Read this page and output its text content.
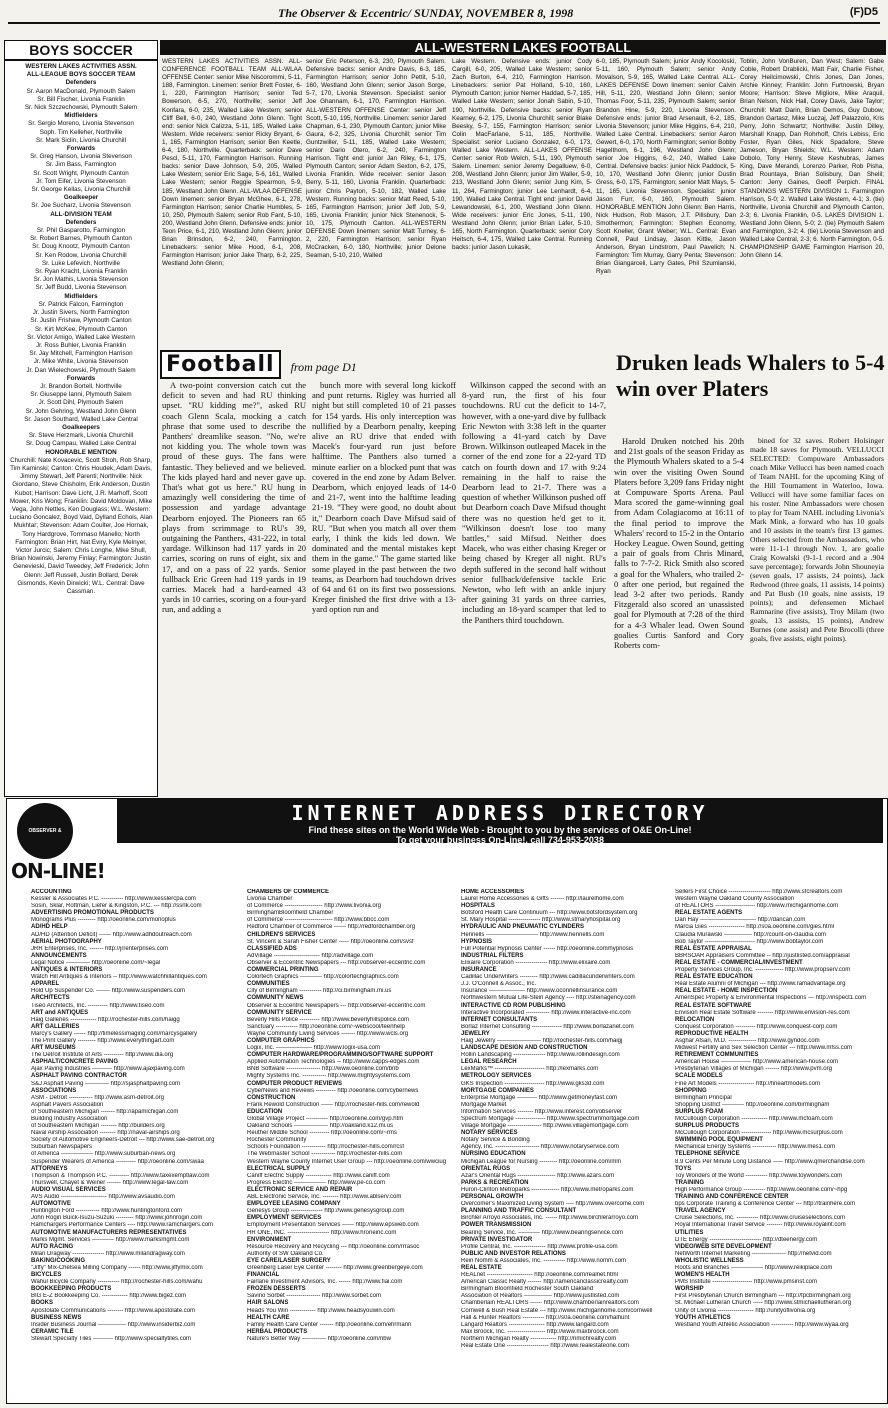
The Observer & Eccentric/ SUNDAY, NOVEMBER 8, 1998	(F)D5
BOYS SOCCER
WESTERN LAKES ACTIVITIES ASSN.
ALL-LEAGUE BOYS SOCCER TEAM
Defenders
Sr. Aaron MacDonald, Plymouth Salem
Sr. Bill Fischer, Livonia Franklin
Sr. Nick Szczechowski, Plymouth Salem
Midfielders
Sr. Sergio Moreno, Livonia Stevenson
Soph. Tim Kelleher, Northville
Sr. Mark Siclin, Livonia Churchill
Forwards
Sr. Greg Hanson, Livonia Stevenson
Sr. Jim Bass, Farmington
Sr. Scott Wright, Plymouth Canton
Jr. Tom Eifer, Livonia Stevenson
Sr. George Kellas, Livonia Churchill
Goalkeeper
Sr. Joe Sucharz, Livonia Stevenson
ALL-DIVISION TEAM
Defenders
Sr. Phil Gasparotto, Farmington
Sr. Robert Barnes, Plymouth Canton
Sr. Doug Knootz, Plymouth Canton
Sr. Ken Rodow, Livonia Churchill
Sr. Luke Lefevich, Northville
Sr. Ryan Kracht, Livonia Franklin
Sr. Jon Mathis, Livonia Stevenson
Sr. Jeff Budd, Livonia Stevenson
Midfielders
Sr. Patrick Falcon, Farmington
Jr. Justin Sivers, North Farmington
Sr. Justin Frishaw, Plymouth Canton
Sr. Kirt McKee, Plymouth Canton
Sr. Victor Amigo, Walled Lake Western
Jr. Ross Buhler, Livonia Franklin
Sr. Jay Mitchell, Farmington Harrison
Jr. Mike White, Livonia Stevenson
Jr. Dan Wielechowski, Plymouth Salem
Forwards
Jr. Brandon Bortell, Northville
Sr. Giuseppe Ianni, Plymouth Salem
Jr. Scott Dihl, Plymouth Salem
Sr. John Gehring, Westland John Glenn
Sr. Jason Southard, Walled Lake Central
Goalkeepers
Sr. Steve Herzmark, Livonia Churchill
Sr. Doug Campau, Walled Lake Central
HONORABLE MENTION
Churchill: Nate Kovacevic, Scott Stroh, Rob Sharp, Tim Kaminski; Canton: Chris Houdek, Adam Davis, Jimmy Stewart, Jeff Parenti; Northville: Nick Giordano, Steve Chisholm, Erik Anderson, Dustin Kubot; Harrison: Dave Licht, J.R. Marhoff, Scott Mower, Kris Wong; Franklin: David Moldovan, Mike Vega, John Nettles, Ken Douglass; W.L. Western: Luciano Goncalez, Boyd Vaid, Dylland Echols, Alan Mukhtar; Stevenson: Adam Coulter, Joe Hornak, Tony Hardgrove, Tommaso Manello; North Farmington: Brian Hirt, Nat Eviry, Kyle Melnyer, Victor Jurcic; Salem: Chris Longhe, Mike Shull, Brian Nowinski, Jeremy Finlay; Farmington: Justin Genevieski, David Tweedey, Jeff Frederick; John Glenn: Jeff Russell, Justin Bollard, Derek Gismonds, Kevin Dirwicki; W.L. Central: Dave Cassman.
ALL-WESTERN LAKES FOOTBALL
WESTERN LAKES ACTIVITIES ASSN. ALL-CONFERENCE FOOTBALL TEAM ALL-WLAA OFFENSE Center: senior Mike Niscorommi, 5-11, 188, Farmington. Linemen: senior Brett Foster, 6-1, 220, Farmington Harrison; senior Ted Bowerson, 6-5, 270, Northville; senior Jeff Konfara, 6-0, 235, Walled Lake Western; senior Cliff Bell, 6-0, 240, Westland John Glenn. Tight end: senior Nick Calizza, 5-11, 185, Walled Lake Western. Wide receivers: senior Ricky Bryant, 6-1, 165, Farmington Harrison; senior Ben Keetle, 6-4, 180, Northville. Quarterback: senior Dave Pescl, 5-11, 170, Farmington Harrison. Running backs: senior Dave Johnson, 5-9, 205, Walled Lake Western; senior Eric Sage, 5-6, 161, Walled Lake Western; senior Reggie Spearmon, 5-9, 185, Westland John Glenn. ALL-WLAA DEFENSE Down linemen: senior Bryan McGhee, 6-1, 278, Farmington Harrison; senior Charlie Humbles, 5-10, 250, Plymouth Salem; senior Rob Fant, 5-10, 200, Westland John Glenn. Defensive ends: junior Teon Price, 6-1, 210, Westland John Glenn; junior Brian Brinsdon, 6-2, 240, Farmington. Linebackers: senior Mike Hood, 6-1, 208, Farmington Harrison; junior Jake Tharp, 6-2, 225, Westland John Glenn;
senior Eric Peterson, 6-3, 230, Plymouth Salem. Defensive backs: senior Andre Davis, 6-3, 185, Farmington Harrison; senior John Pettit, 5-10, 160, Westland John Glenn; senior Jason Sorge, 5-7, 170, Livonia Stevenson. Specialist: senior Joe Ghannam, 6-1, 170, Farmington Harrison. ALL-WESTERN OFFENSE Center: senior Jeff Scott, 5-10, 195, Northville. Linemen: senior Jared Chapman, 6-1, 230, Plymouth Canton; junior Mike Gaura, 6-2, 325, Livonia Churchill; senior Tim Guntzwiller, 5-11, 185, Walled Lake Western; senior Dario Otero, 6-2, 240, Farmington Harrison. Tight end: junior Jan Riley, 6-1, 175, Plymouth Canton; senior Adam Sexton, 6-2, 175, Livonia Franklin. Wide receiver: senior Jason Berry, 5-11, 160, Livonia Franklin. Quarterback: junior Chris Payton, 5-10, 182, Walled Lake Western. Running backs: senior Matt Reed, 5-10, 165, Farmington Harrison; junior Jeff Job, 5-9, 165, Livonia Franklin; junior Nick Stenenock, 5-10, 175, Plymouth Canton. ALL-WESTERN DEFENSE Down linemen: senior Matt Turney, 6-2, 220, Farmington Harrison; senior Ryan McCracken, 6-0, 180, Northville; junior Delone Seaman, 5-10, 210, Walled
Lake Western. Defensive ends: junior Cody Cargill, 6-0, 205, Walled Lake Western; senior Zach Burton, 6-4, 210, Farmington Harrison. Linebackers: senior Pat Holland, 5-10, 160, Plymouth Canton; junior Nemer Haddad, 5-7, 185, Walled Lake Western; senior Jonah Sabin, 5-10, 190, Northville. Defensive backs: senior Ryan Kearney, 6-2, 175, Livonia Churchill; senior Blake Beesky, 5-7, 155, Farmington Harrison; senior Colin MacFarlane, 5-11, 185, Northville. Specialist: senior Luciano Gonzalez, 6-0, 173, Walled Lake Western. ALL-LAKES OFFENSE Center: senior Rob Welch, 5-11, 190, Plymouth Salem. Linemen: senior Jeremy Degalluew, 6-0, 208, Westland John Glenn; junior Jim Waller, 5-9, 213, Westland John Glenn; senior Jung Kim, 5-11, 264, Farmington; junior Lee Lenhardt, 6-4, 190, Walled Lake Central. Tight end: junior David Lewandowski, 6-1, 200, Westland John Glenn. Wide receivers: junior Eric Jones, 5-11, 190, Westland John Glenn; junior Brian Lafer, 5-10, 165, North Farmington. Quarterback: senior Cory Heitsch, 6-4, 175, Walled Lake Central. Running backs: junior Jason Lukasik,
6-0, 185, Plymouth Salem; junior Andy Kocoloski, 5-11, 160, Plymouth Salem; senior Andy Movalson, 5-9, 165, Walled Lake Central. ALL-LAKES DEFENSE Down linemen: senior Calvin Hill, 5-11, 220, Westland John Glenn; senior Thomas Foor, 5-11, 235, Plymouth Salem; senior Brandon Hine, 5-9, 220, Livonia Stevenson. Defensive ends: junior Brad Arsenault, 6-2, 185, Livonia Stevenson; junior Mike Higgins, 6-4, 210, Walled Lake Central. Linebackers: senior Aaron Gewert, 6-0, 170, North Farmington; senior Bobby Hagelthorn, 6-1, 196, Westland John Glenn; senior Joe Higgins, 6-2, 240, Walled Lake Central. Defensive backs: junior Nick Paddock, 5-10, 170, Westland John Glenn; junior Dustin Gress, 6-0, 175, Farmington; senior Matt Mays, 5-11, 165, Livonia Stevenson. Specialist: junior Jason Furr, 6-0, 160, Plymouth Salem. HONORABLE MENTION John Glenn: Ben Harris, Nick Hudson, Rob Mason, J.T. Pillsbury, Dan Smothermon; Farmington: Stephen Economy, Scott Kneller, Grant Weber; W.L. Central: Evan Connell, Paul Lindsay, Jason Kittle, Jason Anderson, Bryan Lindstrom, Paul Pavelich; N. Farmington: Tim Murray, Garry Penta; Stevenson: Brian Giangarceli, Larry Gates, Phil Szumlanski, Ryan
Toblin, John VonBuren, Dan West; Salem: Gabe Coble, Robert Drablicki, Matt Fair, Charlie Fisher, Corey Heilcimowski, Chris Jones, Dan Jones, Archie Kinney; Franklin: John Furtnowski, Bryan Moore; Harrison: Steve Migliore, Mike Araquil, Brian Nelson, Nick Hall, Corey Davis, Jake Taylor; Churchill: Matt Darin, Brian Demos, Guy Dubow, Brandon Gartasz, Mike Luczaj, Jeff Palazzolo, Kris Perry, John Schwartz; Northville: Justin Dilley, Marshall Knapp, Dan Rohrhoff, Chris Lebiss, Eric Foster, Ryan Giles, Nick Spadafore, Steve Jameson, Bryan Shields; W.L. Western: Adam Dobolo, Tony Henry, Steve Keshubras, James King, Dave Merandi, Lorenzo Parker, Rob Pisha, Brad Rountaya, Brian Solisbury, Dan Shelil; Canton: Jerry Gaines, Geoff Perpich. FINAL STANDINGS WESTERN DIVISION 1. Farmington Harrison, 5-0; 2. Walled Lake Western, 4-1; 3. (tie) Northville, Livonia Churchill and Plymouth Canton, 2-3; 6. Livonia Franklin, 0-5. LAKES DIVISION 1. Westland John Glenn, 5-0; 2. (tie) Plymouth Salem and Farmington, 3-2; 4. (tie) Livonia Stevenson and Walled Lake Central, 2-3; 6. North Farmington, 0-5. CHAMPIONSHIP GAME Farmington Harrison 20, John Glenn 14.
Football from page D1
A two-point conversion catch cut the deficit to seven and had RU thinking upset. "RU kidding me?", asked RU coach Glenn Scala, mocking a catch phrase that some used to describe the Panthers' dreamlike season. "No, we're not kidding you. The whole town was proud of these guys. The fans were fantastic. They believed and we believed. The kids played hard and never gave up. That's what got us here." RU hung in amazingly well considering the time of possession and yardage advantage Dearborn enjoyed. The Pioneers ran 65 plays from scrimmage to RU's 39, outgaining the Panthers, 431-222, in total yardage. Wilkinson had 117 yards in 20 carries, scoring on runs of eight, six and 17, and on a pass of 22 yards. Senior fullback Eric Green had 119 yards in 19 carries. Macek had a hard-earned 43 yards in 10 carries, scoring on a four-yard run, and adding a
bunch more with several long kickoff and punt returns. Rigley was hurried all night but still completed 10 of 21 passes for 154 yards. His only interception was nullified by a Dearborn penalty, keeping alive an RU drive that ended with Macek's four-yard run just before halftime. The Panthers also turned a minute earlier on a blocked punt that was covered in the end zone by Adam Belver. Dearborn, which enjoyed leads of 14-0 and 21-7, went into the halftime leading 21-19. "They were good, no doubt about it," Dearborn coach Dave Mifsud said of RU. "But when you match all over them early, I think the kids led down. We dominated and the mental mistakes kept them in the game." The game started like some played in the past between the two teams, as Dearborn had touchdown drives of 64 and 61 on its first two possessions. Kreger finished the first drive with a 13-yard option run and
Wilkinson capped the second with an 8-yard run, the first of his four touchdowns. RU cut the deficit to 14-7, however, with a one-yard dive by fullback Eric Newton with 3:38 left in the quarter following a 41-yard catch by Dave Brown. Wilkinson outleaped Macek in the corner of the end zone for a 22-yard TD catch on fourth down and 17 with 9:24 remaining in the half to raise the Dearborn lead to 21-7. There was a question of whether Wilkinson pushed off but Dearborn coach Dave Mifsud thought there was no question he'd get to it. "Wilkinson doesn't lose too many battles," said Mifsud. Neither does Macek, who was either chasing Kreger or being chased by Kreger all night. RU's depth suffered in the second half without senior fullback/defensive tackle Eric Newton, who left with an ankle injury after gaining 31 yards on three carries, including an 18-yard scamper that led to the Panthers third touchdown.
Druken leads Whalers to 5-4 win over Platers
Harold Druken notched his 20th and 21st goals of the season Friday as the Plymouth Whalers skated to a 5-4 win over the visiting Owen Sound Platers before 3,209 fans Friday night at Compuware Sports Arena. Paul Mara scored the game-winning goal from Adam Colagiacomo at 16:11 of the final period to improve the Whalers' record to 15-2 in the Ontario Hockey League. Owen Sound, getting a pair of goals from Chris Minard, falls to 7-7-2. Rick Smith also scored a goal for the Whalers, who trailed 2-0 after one period, but regained the lead 3-2 after two periods. Randy Fitzgerald also scored an unassisted goal for Plymouth at 7:28 of the third for a 4-3 Whaler lead. Owen Sound goalies Curtis Sanford and Cory Roberts com-
bined for 32 saves. Robert Holsinger made 18 saves for Plymouth. VELLUCCI SELECTED: Compuware Ambassadors coach Mike Vellucci has been named coach of Team NAHL for the upcoming King of the Hill Tournament in Waterloo, Iowa. Vellucci will have some familiar faces on his roster. Nine Ambassadors were chosen to play for Team NAHL including Livonia's Mark Mink, a forward who has 10 goals and 10 assists in the team's first 13 games. Others selected from the Ambassadors, who were 11-1-1 through Nov. 1, are goalie Craig Kowalski (9-1-1 record and a .904 save percentage); forwards John Shouneyia (seven goals, 17 assists, 24 points), Jack Redwood (three goals, 11 assists, 14 points) and Pat Bush (10 goals, nine assists, 19 points); and defensemen Michael Ramnarine (five assists), Troy Milam (two goals, 13 assists, 15 points), Andrew Burnes (one assist) and Pete Brocolli (three goals, five assists, eight points).
OBSERVER & ECCENTRIC
ON-LINE!
INTERNET ADDRESS DIRECTORY
Find these sites on the World Wide Web - Brought to you by the services of O&E On-Line!
To get your business On-Line!, call 734-953-2038
ACCOUNTING
Kessler & Associates P.C. ----------- http://www.kesslercpa.com
Sosin, Sklar, Rottman, Liefer & Kingston, P.C. --- http://ssrlk.com
ADVERTISING PROMOTIONAL PRODUCTS
Monograms Plus --------- http://oeonline.com/monoplus
AD/HD HELP
AD/HD (Attention Deficit) ------ http://www.adhdoutreach.com
AERIAL PHOTOGRAPHY
JRR Enterprises, Inc. ------- http://jrrenterprises.com
ANNOUNCEMENTS
Legal Notice ------------ http://oeonline.com/~legal
ANTIQUES & INTERIORS
Watch Hill Antiques & Interiors -- http://www.watchhillantiques.com
APPAREL
Hold Up Suspender Co. ------- http://www.suspenders.com
ARCHITECTS
Tiseo Architects, Inc. ---------- http://www.tiseo.com
ART and ANTIQUES
Haig Galleries ------------- http://rochester-hills.com/haigg
ART GALLERIES
Marcy's Gallery ------ http://timelessimaging.com/marcysgallery
The Print Gallery --------- http://www.everythingart.com
ART MUSEUMS
The Detroit Institute of Arts ---------- http://www.dia.org
ASPHALT/CONCRETE PAVING
Ajax Paving Industries ---------- http://www.ajaxpaving.com
ASPHALT PAVING CONTRACTOR
S&J Asphalt Paving ------------ http://sjasphaltpaving.com
ASSOCIATIONS
ASM - Detroit ------------ http://www.asm-detroit.org
Asphalt Pavers Association
of Southeastern Michigan ------- http://apamichigan.com
Building Industry Association
of Southeastern Michigan -------- http://builders.org
Naval Airship Association -------- http://naval-airships.org
Society of Automotive Engineers-Detroit --- http://www.sae-detroit.org
Suburban Newspapers
of America ---------------- http://www.suburban-news.org
Suspender Wearers of America ---------- http://oeonline.com/swaa
ATTORNEYS
Thompson & Thompson P.C. ---------- http://www.taxexemptlaw.com
Thurswell, Chayet & Weiner ------- http://www.legal-law.com
AUDIO VISUAL SERVICES
AVS Audio ----------------------- http://www.avsaudio.com
AUTOMOTIVE
Huntington Ford ------------ http://www.huntingtonford.com
John Rogin Buick-Isuzu-Suzuki --------- http://www.johnrogin.com
Ramchargers Performance Centers ---- http://www.ramchargers.com
AUTOMOTIVE MANUFACTURERS REPRESENTATIVES
Marks Mgmt. Services ----------- http://www.marksmgmt.com
AUTO RACING
Milan Dragway ---------------- http://www.milandragway.com
BAKING/COOKING
"Jiffy" Mix-Chelsea Milling Company ------ http://www.jiffymix.com
BICYCLES
Wahul Bicycle Company ----------- http://rochester-hills.com/wahu
BOOKKEEPING PRODUCTS
BIG E-Z Bookkeeping Co. ------------- http://www.bigez.com
BOOKS
Apostolate Communications -------- http://www.apostolate.com
BUSINESS NEWS
Insider Business Journal -------------- http://www.insiderbiz.com
CERAMIC TILE
Stewart Specialty Tiles ---------- http://www.specialtytiles.com
CHAMBERS OF COMMERCE
Livonia Chamber
of Commerce ------------------- http://www.livonia.org
BirminghamBloomfield Chamber
of Commerce ------------------------ http://www.bbcc.com
Redford Chamber of Commerce ------ http://redfordchamber.org
CHILDREN'S SERVICES
St. Vincent & Sarah Fisher Center ----- http://oeonline.com/svsf
CLASSIFIED ADS
AdVillage ----------------------- http://advillage.com
Observer & Eccentric Newspapers --- http://observer-eccentric.com
COMMERCIAL PRINTING
Colortech Graphics ----------- http://colortechgraphics.com
COMMUNITIES
City of Birmingham ----------- http://ci.birmingham.mi.us
COMMUNITY NEWS
Observer & Eccentric Newspapers --- http://observer-eccentric.com
COMMUNITY SERVICE
Beverly Hills Police ---------- http://www.beverlyhillspolice.com
Sanctuary ----------- http://oeonline.com/~webscool/teenhelp
Wayne Community Living Services ------- http://www.wcls.org
COMPUTER GRAPHICS
Logix, Inc. ------------------ http://www.logix-usa.com
COMPUTER HARDWARE/PROGRAMMING/SOFTWARE SUPPORT
Applied Automation Technologies -- http://www.capps-edges.com
BNB Software ----------------- http://www.oeonline.com/bnb
Mighty Systems Inc. ------------ http://www.mightysystems.com
COMPUTER PRODUCT REVIEWS
CyberNews and Reviews ---------- http://oeonline.com/cybernews
CONSTRUCTION
Frank Rewold Construction ------ http://rochester-hills.com/rewold
EDUCATION
Global Village Project ----------- http://oeonline.com/gvp.htm
Oakland Schools ----------------- http://oakland.k12.mi.us
Reuther Middle School ---------- http://oeonline.com/~rms
Rochester Community
Schools Foundation ------------ http://rochester-hills.com/rcsf
The Webmaster School ------------ http://rochester-hills.com
Western Wayne County Internet User Group --- http://oeonline.com/wwciug
ELECTRICAL SUPPLY
Caniff Electric Supply ------------- http://www.caniff.com
Progress Electric ---------------- http://www.pe-co.com
ELECTRONIC SERVICE AND REPAIR
ABL Electronic Service, Inc. -------- http://www.ablserv.com
EMPLOYEE LEASING COMPANY
Genesys Group ---------------- http://www.genesysgroup.com
EMPLOYMENT SERVICES
Employment Presentation Services ------ http://www.epsweb.com
HR ONE, INC. --------------------- http://www.hroneinc.com
ENVIRONMENT
Resource Recovery and Recycling --- http://oeonline.com/rrrasoc
Authority of SW Oakland Co.
EYE CARE/LASER SURGERY
Greenberg Laser Eye Center -------- http://www.greenbergeye.com
FINANCIAL
Fairlane Investment Advisors, Inc. ------ http://www.fiai.com
FROZEN DESSERTS
Savino Sorbet ----------------- http://www.sorbet.com
HAIR SALONS
Heads You Win ------------- http://www.headsyouwin.com
HEALTH CARE
Family Health Care Center ------- http://oeonline.com/ehrmann
HERBAL PRODUCTS
Nature's Better Way ------------ http://oeonline.com/nbw
HOME ACCESSORIES
Laurel Home Accessories & Gifts ------- http://laurelhome.com
HOSPITALS
Botsford Health Care Continuum --- http://www.botsfordsystem.org
St. Mary Hospital ---------------- http://www.stmaryhospital.org
HYDRAULIC AND PNEUMATIC CYLINDERS
Hennells -------------------------- http://www.hennells.com
HYPNOSIS
Full Potential Hypnosis Center ------ http://oeonline.com/hypnosis
INDUSTRIAL FILTERS
Elixaire Corporation ---------------- http://www.elixaire.com
INSURANCE
Cadillac Underwriters --------- http://www.cadillacunderwriters.com
J.J. O'Connell & Assoc., Inc.
Insurance ------------------ http://www.oconnellinsurance.com
Northwestern Mutual Life-Stein Agency ---- http://steinagency.com
INTERACTIVE CD ROM PUBLISHING
Interactive Incorporated ------------ http://www.interactive-inc.com
INTERNET CONSULTANTS
Borlaz Internet Consulting --------------- http://www.borlazanet.com
JEWELRY
Haig Jewelry ---------------------- http://rochester-hills.com/haigj
LANDSCAPE DESIGN AND CONSTRUCTION
Rollin Landscaping ---------------- http://www.rollindesign.com
LEGAL RESEARCH
LexMarks™ ------------------------- http://lexmarks.com
METROLOGY SERVICES
GKS Inspection -------------------- http://www.gks3d.com
MORTGAGE COMPANIES
Enterprise Mortgage ---------- http://www.getmoneyfast.com
Mortgage Market
Information Services -------- http://www.interest.com/observer
Spectrum Mortgage --------------- http://www.spectrummortgage.com
Village Mortgage ----------------- http://www.villagemortgage.com
NOTARY SERVICES
Notary Service & Bonding
Agency, Inc. ---------------------- http://www.notaryservice.com
NURSING EDUCATION
Michigan League for Nursing --------- http://oeonline.com/mln
ORIENTAL RUGS
Azar's Oriental Rugs ------------------- http://www.azars.com
PARKS & RECREATION
Huron-Clinton Metroparks -------------- http://www.metroparks.com
PERSONAL GROWTH
Overcomer's Maximized Living System ---- http://www.overcome.com
PLANNING AND TRAFFIC CONSULTANT
Birchler Arroyo Associates, Inc. ------ http://www.birchlerarroyo.com
POWER TRANSMISSION
Bearing Service, Inc. ----------- http://www.bearingservice.com
PRIVATE INVESTIGATOR
Profile Central, Inc. ---------------- http://www.profile-usa.com
PUBLIC AND INVESTOR RELATIONS
Rein Nomm & Associates, Inc. ----------- http://www.nomm.com
REAL ESTATE
REALnet ----------------------- http://oeonline.com/realnet.html
American Classic Realty ------- http://americanclassicrealty.com
Birmingham Bloomfield Rochester South Oakland
Association of Realtors -------------- http://www.justlisted.com
Chamberlain REALTORS ------ http://www.chamberlainrealtors.com
Cornwell & Bush Real Estate --- http://www.michiganhome.com/cornwell
Hall & Hunter Realtors ----------- http://s0a.oeonline.com/halhunt
Langard Realtors ------------------ http://www.langard.com
Max Broock, Inc. ------------------- http://www.maxbroock.com
Northern Michigan Realty ------------- http://nmichrealty.com
Real Estate One --------------------- http://www.realestateone.com
Sellers First Choice --------------------- http://www.sfcrealtors.com
Western Wayne Oakland County Association
of REALTORS -------------------- http://www.michiganhome.com
REAL ESTATE AGENTS
Dan Hay ---------------------------- http://dancan.com
Marcia Gies ------------------ http://s0a.oeonline.com/gies.html
Claudia Murawski -------------- http://count-on-claudia.com
Bob Taylor ------------------------- http://www.bobtaylor.com
REAL ESTATE APPRAISAL
BBRSOAR Appraisers Committee -- http://justlisted.com/appraisal
REAL ESTATE - COMMERCIAL/INVESTMENT
Property Services Group, Inc. -------------- http://www.propserv.com
REAL ESTATE EDUCATION
Real Estate Alumni of Michigan --- http://www.ramadvantage.org
REAL ESTATE - HOME INSPECTION
AmeriSpec Property & Environmental Inspections --- http://inspect1.com
REAL ESTATE SOFTWARE
Envision Real Estate Software -------- http://www.envision-res.com
RELOCATION
Conquest Corporation ---------- http://www.conquest-corp.com
REPRODUCTIVE HEALTH
Asghar Afsari, M.D. -------------- http://www.gyndoc.com
Midwest Fertility and Sex Selection Center --- http://www.mfss.com
RETIREMENT COMMUNITIES
American House --------------- http://www.american-house.com
Presbyterian Villages of Michigan ------- http://www.pvm.org
SCALE MODELS
Fine Art Models ------------------ http://fineartmodels.com
SHOPPING
Birmingham Principal
Shopping District ----------- http://oeonline.com/birmingham
SURPLUS FOAM
McCullough Corporation ------------- http://www.mcfoam.com
SURPLUS PRODUCTS
McCullough Corporation --------------- http://www.mcsurplus.com
SWIMMING POOL EQUIPMENT
Mechanical Energy Systems ------------ http://www.mes1.com
TELEPHONE SERVICE
8.9 Cents Per Minute Long Distance ----- http://www.qmerchandise.com
TOYS
Toy Wonders of the World ----------- http://www.toywonders.com
TRAINING
High Performance Group ----------- http://www.oeonline.com/~hpg
TRAINING AND CONFERENCE CENTER
bps Corporate Training & Conference Center --- http://trainhere.com
TRAVEL AGENCY
Cruise Selections, Inc. ----------- http://www.cruiseselections.com
Royal International Travel Service -------- http://www.royalint.com
UTILITIES
DTE Energy -------------------------- http://dteenergy.com
VIDEO/WEB SITE DEVELOPMENT
NetWorth Internet Marketing ----------------- http://netvid.com
WHOLISTIC WELLNESS
Roots and Branches ---------------- http://www.reikiplace.com
WOMEN'S HEALTH
PMS Institute -------------------- http://www.pmsinst.com
WORSHIP
First Presbyterian Church Birmingham --- http://fpcbirmingham.org
St. Michael Lutheran Church ----- http://www.stmichaellutheran.org
Unity of Livonia ------------------ http://unityoflivonia.org
YOUTH ATHLETICS
Westland Youth Athletic Association ----------- http://www.wyaa.org
